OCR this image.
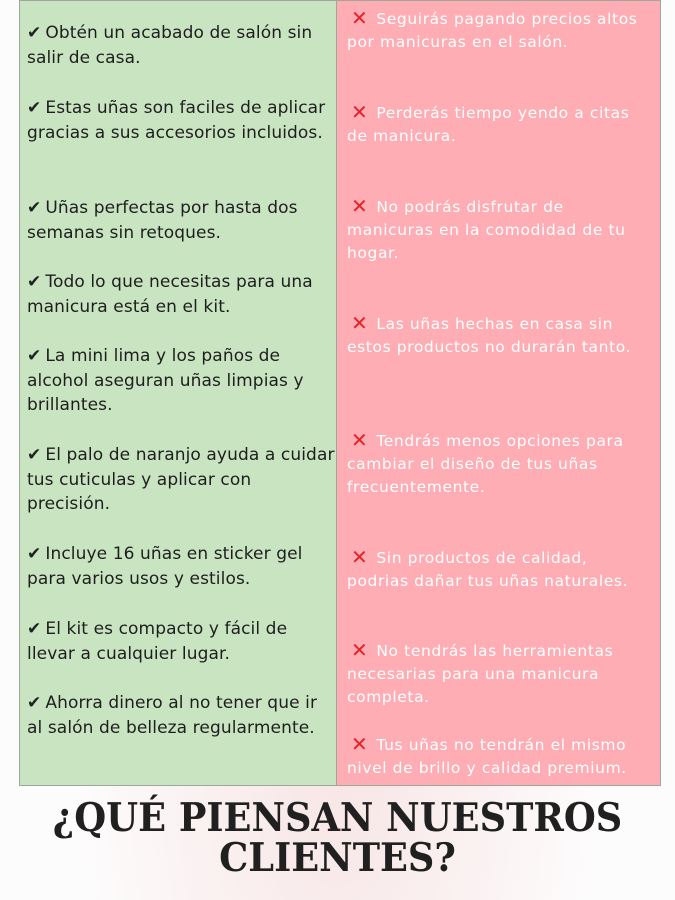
✔ Obtén un acabado de salón sin salir de casa.
✔ Estas uñas son faciles de aplicar gracias a sus accesorios incluidos.
✔ Uñas perfectas por hasta dos semanas sin retoques.
✔ Todo lo que necesitas para una manicura está en el kit.
✔ La mini lima y los paños de alcohol aseguran uñas limpias y brillantes.
✔ El palo de naranjo ayuda a cuidar tus cuticulas y aplicar con precisión.
✔ Incluye 16 uñas en sticker gel para varios usos y estilos.
✔ El kit es compacto y fácil de llevar a cualquier lugar.
✔ Ahorra dinero al no tener que ir al salón de belleza regularmente.
✕ Seguirás pagando precios altos por manicuras en el salón.
✕ Perderás tiempo yendo a citas de manicura.
✕ No podrás disfrutar de manicuras en la comodidad de tu hogar.
✕ Las uñas hechas en casa sin estos productos no durarán tanto.
✕ Tendrás menos opciones para cambiar el diseño de tus uñas frecuentemente.
✕ Sin productos de calidad, podrias dañar tus uñas naturales.
✕ No tendrás las herramientas necesarias para una manicura completa.
✕ Tus uñas no tendrán el mismo nivel de brillo y calidad premium.
¿QUÉ PIENSAN NUESTROS
CLIENTES?
